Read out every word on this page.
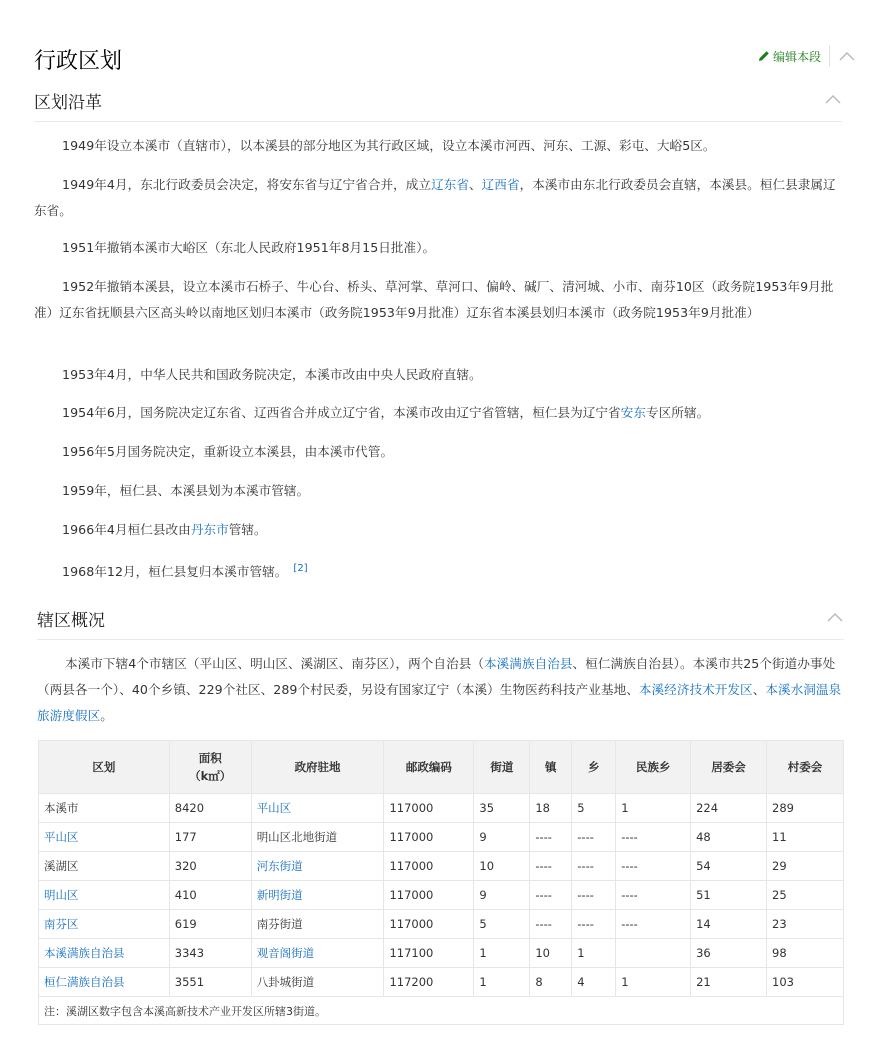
行政区划	编辑本段
区划沿革

1949年设立本溪市（直辖市），以本溪县的部分地区为其行政区域，设立本溪市河西、河东、工源、彩屯、大峪5区。

1949年4月，东北行政委员会决定，将安东省与辽宁省合并，成立辽东省、辽西省，本溪市由东北行政委员会直辖，本溪县。桓仁县隶属辽东省。

1951年撤销本溪市大峪区（东北人民政府1951年8月15日批准）。

1952年撤销本溪县，设立本溪市石桥子、牛心台、桥头、草河掌、草河口、偏岭、碱厂、清河城、小市、南芬10区（政务院1953年9月批准）辽东省抚顺县六区高头岭以南地区划归本溪市（政务院1953年9月批准）辽东省本溪县划归本溪市（政务院1953年9月批准）

1953年4月，中华人民共和国政务院决定，本溪市改由中央人民政府直辖。

1954年6月，国务院决定辽东省、辽西省合并成立辽宁省，本溪市改由辽宁省管辖，桓仁县为辽宁省安东专区所辖。

1956年5月国务院决定，重新设立本溪县，由本溪市代管。

1959年，桓仁县、本溪县划为本溪市管辖。

1966年4月桓仁县改由丹东市管辖。

1968年12月，桓仁县复归本溪市管辖。 [2]

辖区概况

本溪市下辖4个市辖区（平山区、明山区、溪湖区、南芬区），两个自治县（本溪满族自治县、桓仁满族自治县）。本溪市共25个街道办事处（两县各一个）、40个乡镇、229个社区、289个村民委，另设有国家辽宁（本溪）生物医药科技产业基地、本溪经济技术开发区、本溪水洞温泉旅游度假区。

区划	面积
（k㎡）	政府驻地	邮政编码	街道	镇	乡	民族乡	居委会	村委会
本溪市	8420	平山区	117000	35	18	5	1	224	289
平山区	177	明山区北地街道	117000	9	----	----	----	48	11
溪湖区	320	河东街道	117000	10	----	----	----	54	29
明山区	410	新明街道	117000	9	----	----	----	51	25
南芬区	619	南芬街道	117000	5	----	----	----	14	23
本溪满族自治县	3343	观音阁街道	117100	1	10	1		36	98
桓仁满族自治县	3551	八卦城街道	117200	1	8	4	1	21	103
注：溪湖区数字包含本溪高新技术产业开发区所辖3街道。									
